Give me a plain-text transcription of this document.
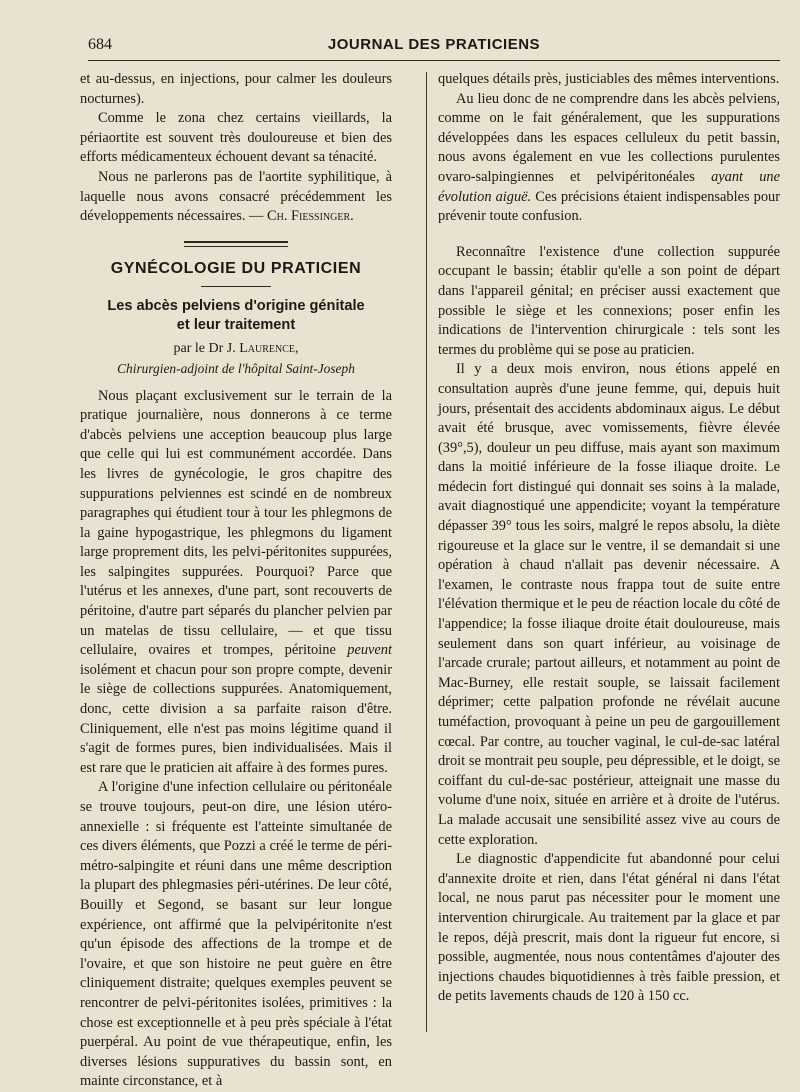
684	JOURNAL DES PRATICIENS

et au-dessus, en injections, pour calmer les douleurs nocturnes).

Comme le zona chez certains vieillards, la périaortite est souvent très douloureuse et bien des efforts médicamenteux échouent devant sa ténacité.

Nous ne parlerons pas de l'aortite syphilitique, à laquelle nous avons consacré précédemment les développements nécessaires. — Ch. Fiessinger.

GYNÉCOLOGIE DU PRATICIEN
Les abcès pelviens d'origine génitale
et leur traitement
par le Dr J. Laurence,
Chirurgien-adjoint de l'hôpital Saint-Joseph

Nous plaçant exclusivement sur le terrain de la pratique journalière, nous donnerons à ce terme d'abcès pelviens une acception beaucoup plus large que celle qui lui est communément accordée. Dans les livres de gynécologie, le gros chapitre des suppurations pelviennes est scindé en de nombreux paragraphes qui étudient tour à tour les phlegmons de la gaine hypogastrique, les phlegmons du ligament large proprement dits, les pelvi-péritonites suppurées, les salpingites suppurées. Pourquoi? Parce que l'utérus et les annexes, d'une part, sont recouverts de péritoine, d'autre part séparés du plancher pelvien par un matelas de tissu cellulaire, — et que tissu cellulaire, ovaires et trompes, péritoine peuvent isolément et chacun pour son propre compte, devenir le siège de collections suppurées. Anatomiquement, donc, cette division a sa parfaite raison d'être. Cliniquement, elle n'est pas moins légitime quand il s'agit de formes pures, bien individualisées. Mais il est rare que le praticien ait affaire à des formes pures.

A l'origine d'une infection cellulaire ou péritonéale se trouve toujours, peut-on dire, une lésion utéro-annexielle : si fréquente est l'atteinte simultanée de ces divers éléments, que Pozzi a créé le terme de péri-métro-salpingite et réuni dans une même description la plupart des phlegmasies péri-utérines. De leur côté, Bouilly et Segond, se basant sur leur longue expérience, ont affirmé que la pelvipéritonite n'est qu'un épisode des affections de la trompe et de l'ovaire, et que son histoire ne peut guère en être cliniquement distraite; quelques exemples peuvent se rencontrer de pelvi-péritonites isolées, primitives : la chose est exceptionnelle et à peu près spéciale à l'état puerpéral. Au point de vue thérapeutique, enfin, les diverses lésions suppuratives du bassin sont, en mainte circonstance, et à

quelques détails près, justiciables des mêmes interventions.

Au lieu donc de ne comprendre dans les abcès pelviens, comme on le fait généralement, que les suppurations développées dans les espaces celluleux du petit bassin, nous avons également en vue les collections purulentes ovaro-salpingiennes et pelvipéritonéales ayant une évolution aiguë. Ces précisions étaient indispensables pour prévenir toute confusion.

Reconnaître l'existence d'une collection suppurée occupant le bassin; établir qu'elle a son point de départ dans l'appareil génital; en préciser aussi exactement que possible le siège et les connexions; poser enfin les indications de l'intervention chirurgicale : tels sont les termes du problème qui se pose au praticien.

Il y a deux mois environ, nous étions appelé en consultation auprès d'une jeune femme, qui, depuis huit jours, présentait des accidents abdominaux aigus. Le début avait été brusque, avec vomissements, fièvre élevée (39°,5), douleur un peu diffuse, mais ayant son maximum dans la moitié inférieure de la fosse iliaque droite. Le médecin fort distingué qui donnait ses soins à la malade, avait diagnostiqué une appendicite; voyant la température dépasser 39° tous les soirs, malgré le repos absolu, la diète rigoureuse et la glace sur le ventre, il se demandait si une opération à chaud n'allait pas devenir nécessaire. A l'examen, le contraste nous frappa tout de suite entre l'élévation thermique et le peu de réaction locale du côté de l'appendice; la fosse iliaque droite était douloureuse, mais seulement dans son quart inférieur, au voisinage de l'arcade crurale; partout ailleurs, et notamment au point de Mac-Burney, elle restait souple, se laissait facilement déprimer; cette palpation profonde ne révélait aucune tuméfaction, provoquant à peine un peu de gargouillement cœcal. Par contre, au toucher vaginal, le cul-de-sac latéral droit se montrait peu souple, peu dépressible, et le doigt, se coiffant du cul-de-sac postérieur, atteignait une masse du volume d'une noix, située en arrière et à droite de l'utérus. La malade accusait une sensibilité assez vive au cours de cette exploration.

Le diagnostic d'appendicite fut abandonné pour celui d'annexite droite et rien, dans l'état général ni dans l'état local, ne nous parut pas nécessiter pour le moment une intervention chirurgicale. Au traitement par la glace et par le repos, déjà prescrit, mais dont la rigueur fut encore, si possible, augmentée, nous nous contentâmes d'ajouter des injections chaudes biquotidiennes à très faible pression, et de petits lavements chauds de 120 à 150 cc.
